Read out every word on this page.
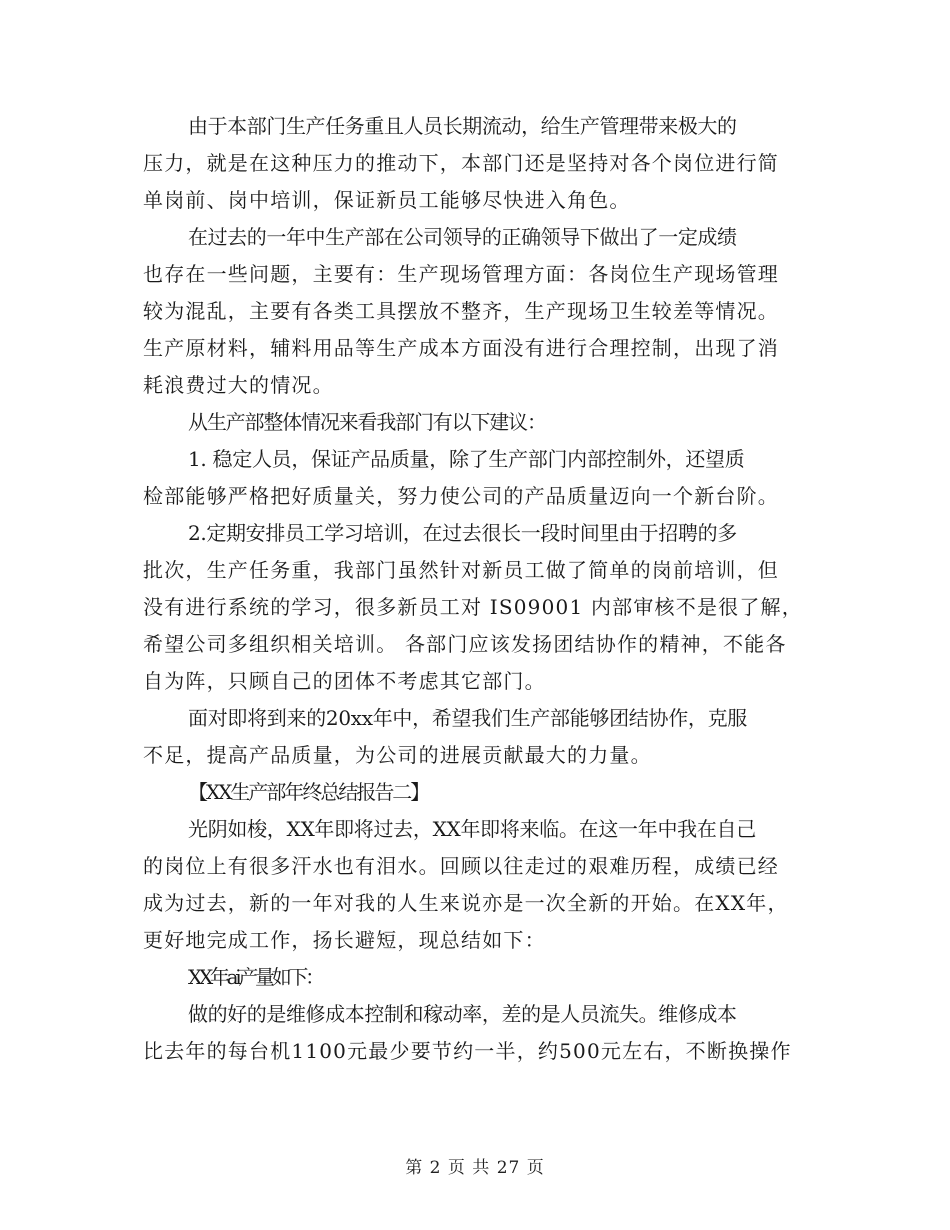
由于本部门生产任务重且人员长期流动，给生产管理带来极大的
压力，就是在这种压力的推动下，本部门还是坚持对各个岗位进行简
单岗前、岗中培训，保证新员工能够尽快进入角色。

在过去的一年中生产部在公司领导的正确领导下做出了一定成绩
也存在一些问题，主要有：生产现场管理方面：各岗位生产现场管理
较为混乱，主要有各类工具摆放不整齐，生产现场卫生较差等情况。
生产原材料，辅料用品等生产成本方面没有进行合理控制，出现了消
耗浪费过大的情况。

从生产部整体情况来看我部门有以下建议：

1. 稳定人员，保证产品质量，除了生产部门内部控制外，还望质
检部能够严格把好质量关，努力使公司的产品质量迈向一个新台阶。

2.定期安排员工学习培训，在过去很长一段时间里由于招聘的多
批次，生产任务重，我部门虽然针对新员工做了简单的岗前培训，但
没有进行系统的学习，很多新员工对 IS09001 内部审核不是很了解，
希望公司多组织相关培训。 各部门应该发扬团结协作的精神，不能各
自为阵，只顾自己的团体不考虑其它部门。

面对即将到来的20xx年中，希望我们生产部能够团结协作，克服
不足，提高产品质量，为公司的进展贡献最大的力量。

【XX生产部年终总结报告二】

光阴如梭，XX年即将过去，XX年即将来临。在这一年中我在自己
的岗位上有很多汗水也有泪水。回顾以往走过的艰难历程，成绩已经
成为过去，新的一年对我的人生来说亦是一次全新的开始。在XX年，
更好地完成工作，扬长避短，现总结如下：

XX年ai产量如下：

做的好的是维修成本控制和稼动率，差的是人员流失。维修成本
比去年的每台机1100元最少要节约一半，约500元左右，不断换操作

第 2 页 共 27 页
